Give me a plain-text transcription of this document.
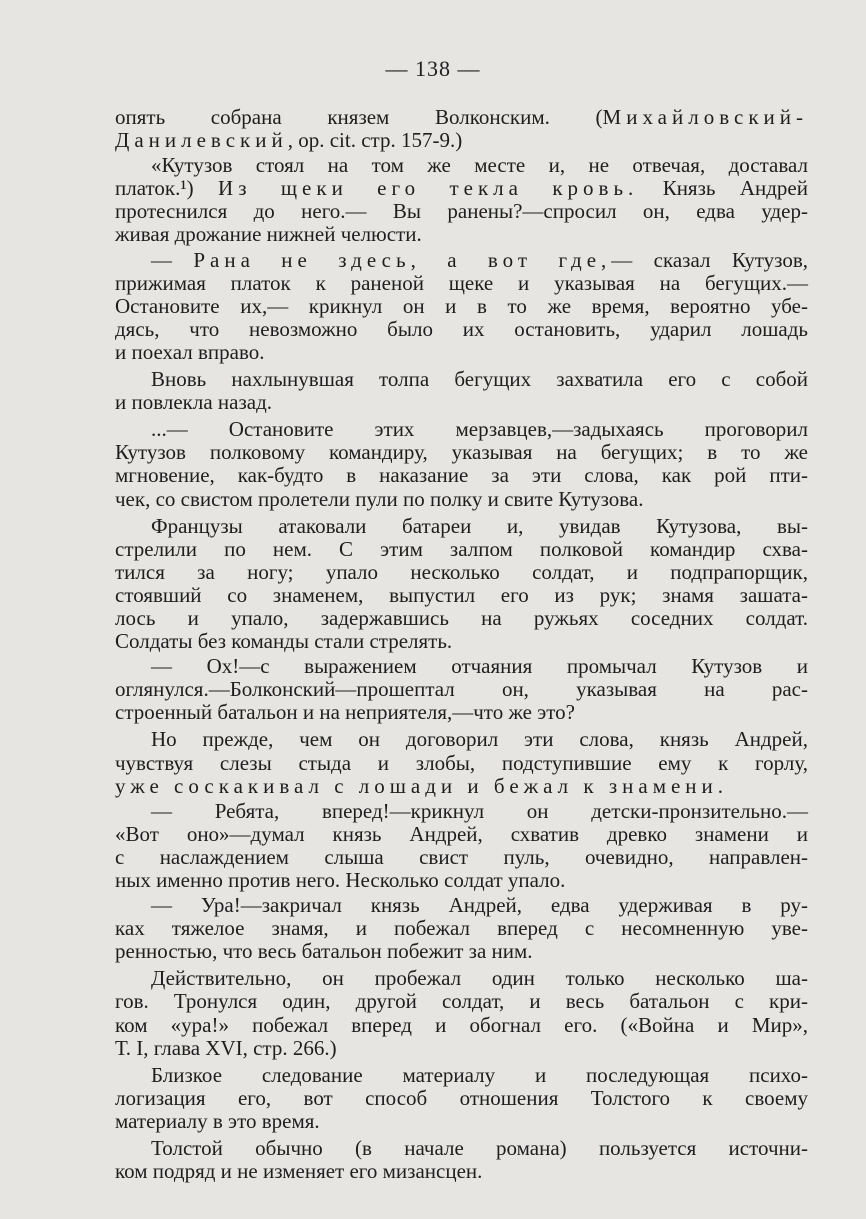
— 138 —
опять собрана князем Волконским. (Михайловский-
Данилевский, op. cit. стр. 157-9.)
«Кутузов стоял на том же месте и, не отвечая, доставал
платок.¹) Из щеки его текла кровь. Князь Андрей
протеснился до него.— Вы ранены?—спросил он, едва удер-
живая дрожание нижней челюсти.
— Рана не здесь, а вот где,— сказал Кутузов,
прижимая платок к раненой щеке и указывая на бегущих.—
Остановите их,— крикнул он и в то же время, вероятно убе-
дясь, что невозможно было их остановить, ударил лошадь
и поехал вправо.
Вновь нахлынувшая толпа бегущих захватила его с собой
и повлекла назад.
...— Остановите этих мерзавцев,—задыхаясь проговорил
Кутузов полковому командиру, указывая на бегущих; в то же
мгновение, как-будто в наказание за эти слова, как рой пти-
чек, со свистом пролетели пули по полку и свите Кутузова.
Французы атаковали батареи и, увидав Кутузова, вы-
стрелили по нем. С этим залпом полковой командир схва-
тился за ногу; упало несколько солдат, и подпрапорщик,
стоявший со знаменем, выпустил его из рук; знамя зашата-
лось и упало, задержавшись на ружьях соседних солдат.
Солдаты без команды стали стрелять.
— Ох!—с выражением отчаяния промычал Кутузов и
оглянулся.—Болконский—прошептал он, указывая на рас-
строенный батальон и на неприятеля,—что же это?
Но прежде, чем он договорил эти слова, князь Андрей,
чувствуя слезы стыда и злобы, подступившие ему к горлу,
уже соскакивал с лошади и бежал к знамени.
— Ребята, вперед!—крикнул он детски-пронзительно.—
«Вот оно»—думал князь Андрей, схватив древко знамени и
с наслаждением слыша свист пуль, очевидно, направлен-
ных именно против него. Несколько солдат упало.
— Ура!—закричал князь Андрей, едва удерживая в ру-
ках тяжелое знамя, и побежал вперед с несомненную уве-
ренностью, что весь батальон побежит за ним.
Действительно, он пробежал один только несколько ша-
гов. Тронулся один, другой солдат, и весь батальон с кри-
ком «ура!» побежал вперед и обогнал его. («Война и Мир»,
Т. I, глава XVI, стр. 266.)
Близкое следование материалу и последующая психо-
логизация его, вот способ отношения Толстого к своему
материалу в это время.
Толстой обычно (в начале романа) пользуется источни-
ком подряд и не изменяет его мизансцен.
